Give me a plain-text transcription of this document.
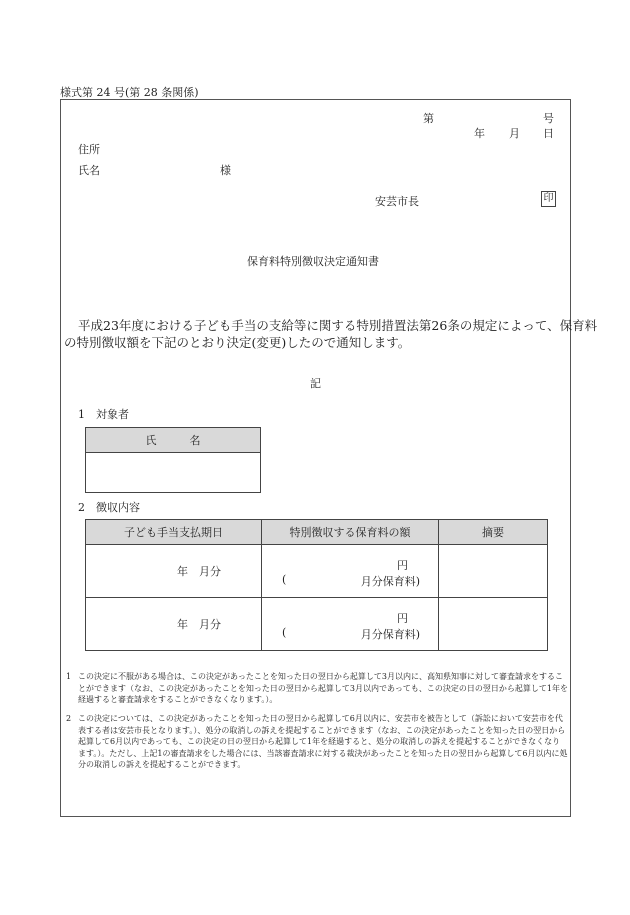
様式第 24 号(第 28 条関係)
第	号
年 月 日
住所
氏名	様
安芸市長	印
保育料特別徴収決定通知書
平成23年度における子ども手当の支給等に関する特別措置法第26条の規定によって、保育料
の特別徴収額を下記のとおり決定(変更)したので通知します。
記
1　対象者
氏　　　名

2　徴収内容
子ども手当支払期日	特別徴収する保育料の額	摘要
年　月分	円
( 月分保育料)	

年　月分	円
( 月分保育料)	

1 この決定に不服がある場合は、この決定があったことを知った日の翌日から起算して3月以内に、高知県知事に対して審査請求をすることができます（なお、この決定があったことを知った日の翌日から起算して3月以内であっても、この決定の日の翌日から起算して1年を経過すると審査請求をすることができなくなります。）。
2 この決定については、この決定があったことを知った日の翌日から起算して6月以内に、安芸市を被告として（訴訟において安芸市を代表する者は安芸市長となります。）、処分の取消しの訴えを提起することができます（なお、この決定があったことを知った日の翌日から起算して6月以内であっても、この決定の日の翌日から起算して1年を経過すると、処分の取消しの訴えを提起することができなくなります。）。ただし、上記1の審査請求をした場合には、当該審査請求に対する裁決があったことを知った日の翌日から起算して6月以内に処分の取消しの訴えを提起することができます。
